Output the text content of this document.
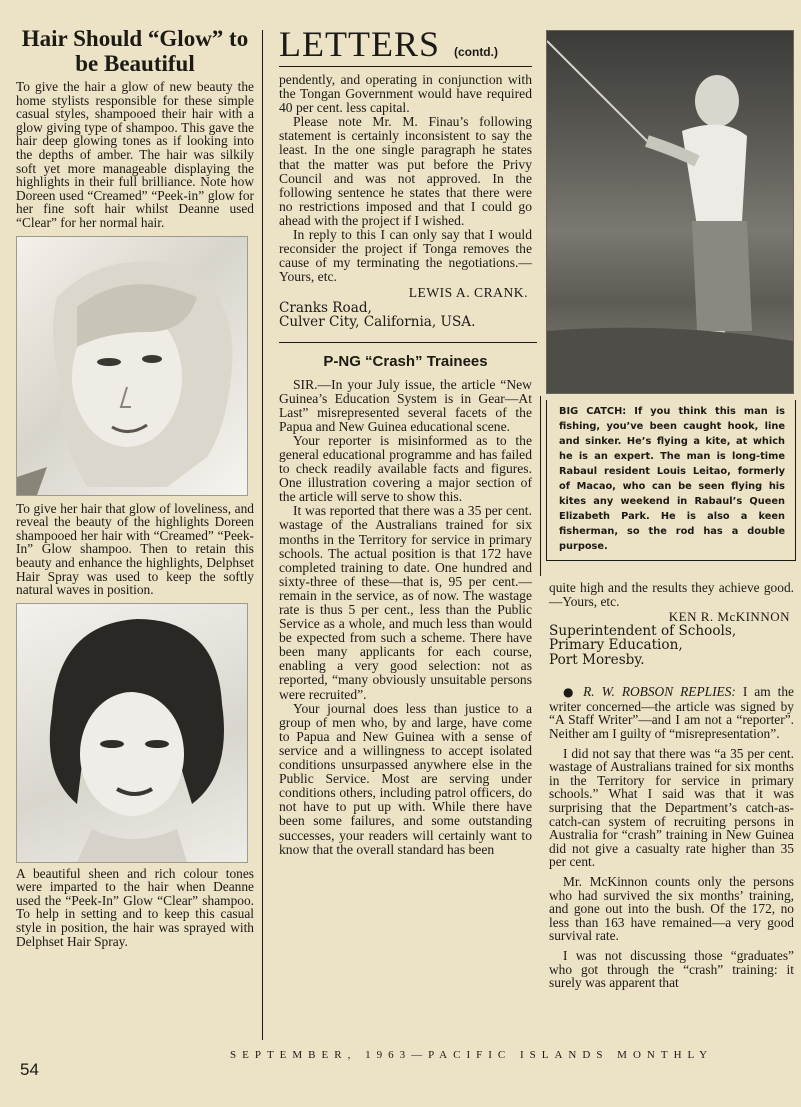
Hair Should “Glow” to be Beautiful

To give the hair a glow of new beauty the home stylists responsible for these simple casual styles, shampooed their hair with a glow giving type of shampoo. This gave the hair deep glowing tones as if looking into the depths of amber. The hair was silkily soft yet more manageable displaying the highlights in their full brilliance. Note how Doreen used “Creamed” “Peek-in” glow for her fine soft hair whilst Deanne used “Clear” for her normal hair.

To give her hair that glow of loveliness, and reveal the beauty of the highlights Doreen shampooed her hair with “Creamed” “Peek-In” Glow shampoo. Then to retain this beauty and enhance the highlights, Delphset Hair Spray was used to keep the softly natural waves in position.

A beautiful sheen and rich colour tones were imparted to the hair when Deanne used the “Peek-In” Glow “Clear” shampoo. To help in setting and to keep this casual style in position, the hair was sprayed with Delphset Hair Spray.

LETTERS (contd.)

pendently, and operating in conjunction with the Tongan Government would have required 40 per cent. less capital.

Please note Mr. M. Finau’s following statement is certainly inconsistent to say the least. In the one single paragraph he states that the matter was put before the Privy Council and was not approved. In the following sentence he states that there were no restrictions imposed and that I could go ahead with the project if I wished.

In reply to this I can only say that I would reconsider the project if Tonga removes the cause of my terminating the negotiations.—Yours, etc.

LEWIS A. CRANK.

Cranks Road,

Culver City, California, USA.

P-NG “Crash” Trainees

SIR.—In your July issue, the article “New Guinea’s Education System is in Gear—At Last” misrepresented several facets of the Papua and New Guinea educational scene.

Your reporter is misinformed as to the general educational programme and has failed to check readily available facts and figures. One illustration covering a major section of the article will serve to show this.

It was reported that there was a 35 per cent. wastage of the Australians trained for six months in the Territory for service in primary schools. The actual position is that 172 have completed training to date. One hundred and sixty-three of these—that is, 95 per cent.—remain in the service, as of now. The wastage rate is thus 5 per cent., less than the Public Service as a whole, and much less than would be expected from such a scheme. There have been many applicants for each course, enabling a very good selection: not as reported, “many obviously unsuitable persons were recruited”.

Your journal does less than justice to a group of men who, by and large, have come to Papua and New Guinea with a sense of service and a willingness to accept isolated conditions unsurpassed anywhere else in the Public Service. Most are serving under conditions others, including patrol officers, do not have to put up with. While there have been some failures, and some outstanding successes, your readers will certainly want to know that the overall standard has been

BIG CATCH: If you think this man is fishing, you’ve been caught hook, line and sinker. He’s flying a kite, at which he is an expert. The man is long-time Rabaul resident Louis Leitao, formerly of Macao, who can be seen flying his kites any weekend in Rabaul’s Queen Elizabeth Park. He is also a keen fisherman, so the rod has a double purpose.

quite high and the results they achieve good.—Yours, etc.

KEN R. McKINNON

Superintendent of Schools,

Primary Education,

Port Moresby.

● R. W. ROBSON REPLIES: I am the writer concerned—the article was signed by “A Staff Writer”—and I am not a “reporter”. Neither am I guilty of “misrepresentation”.

I did not say that there was “a 35 per cent. wastage of Australians trained for six months in the Territory for service in primary schools.” What I said was that it was surprising that the Department’s catch-as-catch-can system of recruiting persons in Australia for “crash” training in New Guinea did not give a casualty rate higher than 35 per cent.

Mr. McKinnon counts only the persons who had survived the six months’ training, and gone out into the bush. Of the 172, no less than 163 have remained—a very good survival rate.

I was not discussing those “graduates” who got through the “crash” training: it surely was apparent that

SEPTEMBER, 1963—PACIFIC ISLANDS MONTHLY
54
